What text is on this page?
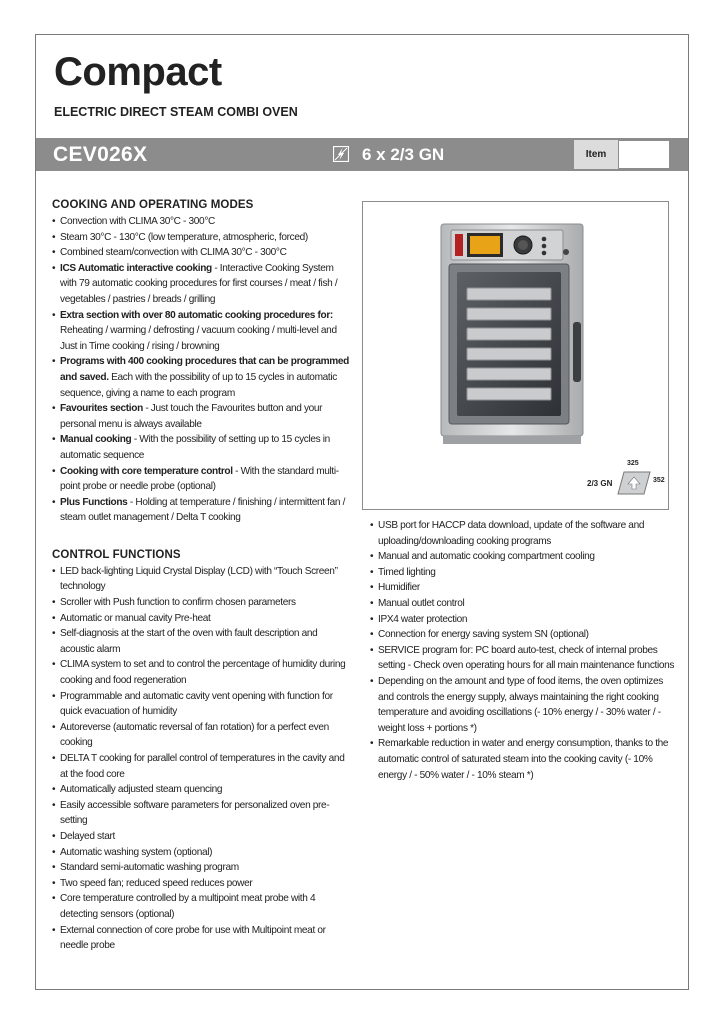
Compact

ELECTRIC DIRECT STEAM COMBI OVEN

CEV026X	6 x 2/3 GN	Item
325
2/3 GN	352
COOKING AND OPERATING MODES
• Convection with CLIMA 30°C - 300°C
• Steam 30°C - 130°C (low temperature, atmospheric, forced)
• Combined steam/convection with CLIMA 30°C - 300°C
• ICS Automatic interactive cooking - Interactive Cooking System with 79 automatic cooking procedures for first courses / meat / fish / vegetables / pastries / breads / grilling
• Extra section with over 80 automatic cooking procedures for: Reheating / warming / defrosting / vacuum cooking / multi-level and Just in Time cooking / rising / browning
• Programs with 400 cooking procedures that can be programmed and saved. Each with the possibility of up to 15 cycles in automatic sequence, giving a name to each program
• Favourites section - Just touch the Favourites button and your personal menu is always available
• Manual cooking - With the possibility of setting up to 15 cycles in automatic sequence
• Cooking with core temperature control - With the standard multi-point probe or needle probe (optional)
• Plus Functions - Holding at temperature / finishing / intermittent fan / steam outlet management / Delta T cooking
CONTROL FUNCTIONS
• LED back-lighting Liquid Crystal Display (LCD) with “Touch Screen” technology
• Scroller with Push function to confirm chosen parameters
• Automatic or manual cavity Pre-heat
• Self-diagnosis at the start of the oven with fault description and acoustic alarm
• CLIMA system to set and to control the percentage of humidity during cooking and food regeneration
• Programmable and automatic cavity vent opening with function for quick evacuation of humidity
• Autoreverse (automatic reversal of fan rotation) for a perfect even cooking
• DELTA T cooking for parallel control of temperatures in the cavity and at the food core
• Automatically adjusted steam quencing
• Easily accessible software parameters for personalized oven pre-setting
• Delayed start
• Automatic washing system (optional)
• Standard semi-automatic washing program
• Two speed fan; reduced speed reduces power
• Core temperature controlled by a multipoint meat probe with 4 detecting sensors (optional)
• External connection of core probe for use with Multipoint meat or needle probe
• USB port for HACCP data download, update of the software and uploading/downloading cooking programs
• Manual and automatic cooking compartment cooling
• Timed lighting
• Humidifier
• Manual outlet control
• IPX4 water protection
• Connection for energy saving system SN (optional)
• SERVICE program for: PC board auto-test, check of internal probes setting - Check oven operating hours for all main maintenance functions
• Depending on the amount and type of food items, the oven optimizes and controls the energy supply, always maintaining the right cooking temperature and avoiding oscillations (- 10% energy / - 30% water / - weight loss + portions *)
• Remarkable reduction in water and energy consumption, thanks to the automatic control of saturated steam into the cooking cavity (- 10% energy / - 50% water / - 10% steam *)
